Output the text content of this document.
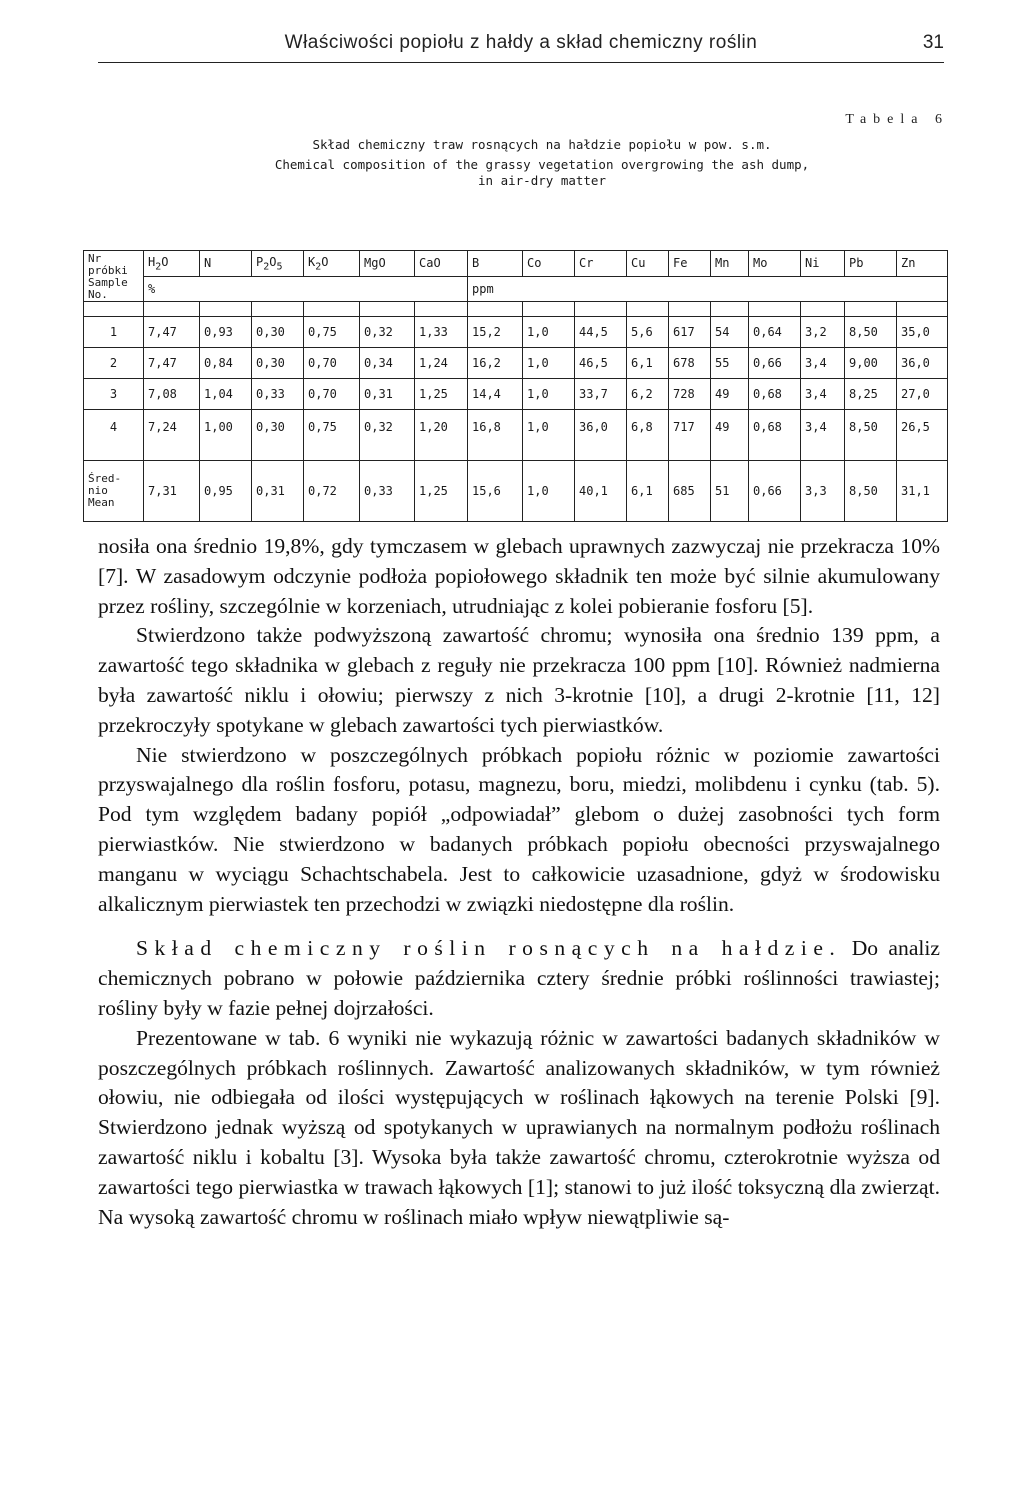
Właściwości popiołu z hałdy a skład chemiczny roślin	31
Tabela 6
Skład chemiczny traw rosnących na hałdzie popiołu w pow. s.m.
Chemical composition of the grassy vegetation overgrowing the ash dump,
in air-dry matter
Nr
próbki
Sample
No.	$H_2O$	N	$P_2O_5$	$K_2O$	MgO	CaO	B	Co	Cr	Cu	Fe	Mn	Mo	Ni	Pb	Zn
	%						ppm									

1	7,47	0,93	0,30	0,75	0,32	1,33	15,2	1,0	44,5	5,6	617	54	0,64	3,2	8,50	35,0
2	7,47	0,84	0,30	0,70	0,34	1,24	16,2	1,0	46,5	6,1	678	55	0,66	3,4	9,00	36,0
3	7,08	1,04	0,33	0,70	0,31	1,25	14,4	1,0	33,7	6,2	728	49	0,68	3,4	8,25	27,0
4	7,24	1,00	0,30	0,75	0,32	1,20	16,8	1,0	36,0	6,8	717	49	0,68	3,4	8,50	26,5

Śred-
nio
Mean	7,31	0,95	0,31	0,72	0,33	1,25	15,6	1,0	40,1	6,1	685	51	0,66	3,3	8,50	31,1

nosiła ona średnio 19,8%, gdy tymczasem w glebach uprawnych zazwyczaj nie przekracza 10% [7]. W zasadowym odczynie podłoża popiołowego składnik ten może być silnie akumulowany przez rośliny, szczególnie w korzeniach, utrudniając z kolei pobieranie fosforu [5].

Stwierdzono także podwyższoną zawartość chromu; wynosiła ona średnio 139 ppm, a zawartość tego składnika w glebach z reguły nie przekracza 100 ppm [10]. Również nadmierna była zawartość niklu i ołowiu; pierwszy z nich 3-krotnie [10], a drugi 2-krotnie [11, 12] przekroczyły spotykane w glebach zawartości tych pierwiastków.

Nie stwierdzono w poszczególnych próbkach popiołu różnic w poziomie zawartości przyswajalnego dla roślin fosforu, potasu, magnezu, boru, miedzi, molibdenu i cynku (tab. 5). Pod tym względem badany popiół „odpowiadał” glebom o dużej zasobności tych form pierwiastków. Nie stwierdzono w badanych próbkach popiołu obecności przyswajalnego manganu w wyciągu Schachtschabela. Jest to całkowicie uzasadnione, gdyż w środowisku alkalicznym pierwiastek ten przechodzi w związki niedostępne dla roślin.

Skład chemiczny roślin rosnących na hałdzie. Do analiz chemicznych pobrano w połowie października cztery średnie próbki roślinności trawiastej; rośliny były w fazie pełnej dojrzałości.

Prezentowane w tab. 6 wyniki nie wykazują różnic w zawartości badanych składników w poszczególnych próbkach roślinnych. Zawartość analizowanych składników, w tym również ołowiu, nie odbiegała od ilości występujących w roślinach łąkowych na terenie Polski [9]. Stwierdzono jednak wyższą od spotykanych w uprawianych na normalnym podłożu roślinach zawartość niklu i kobaltu [3]. Wysoka była także zawartość chromu, czterokrotnie wyższa od zawartości tego pierwiastka w trawach łąkowych [1]; stanowi to już ilość toksyczną dla zwierząt. Na wysoką zawartość chromu w roślinach miało wpływ niewątpliwie są-
